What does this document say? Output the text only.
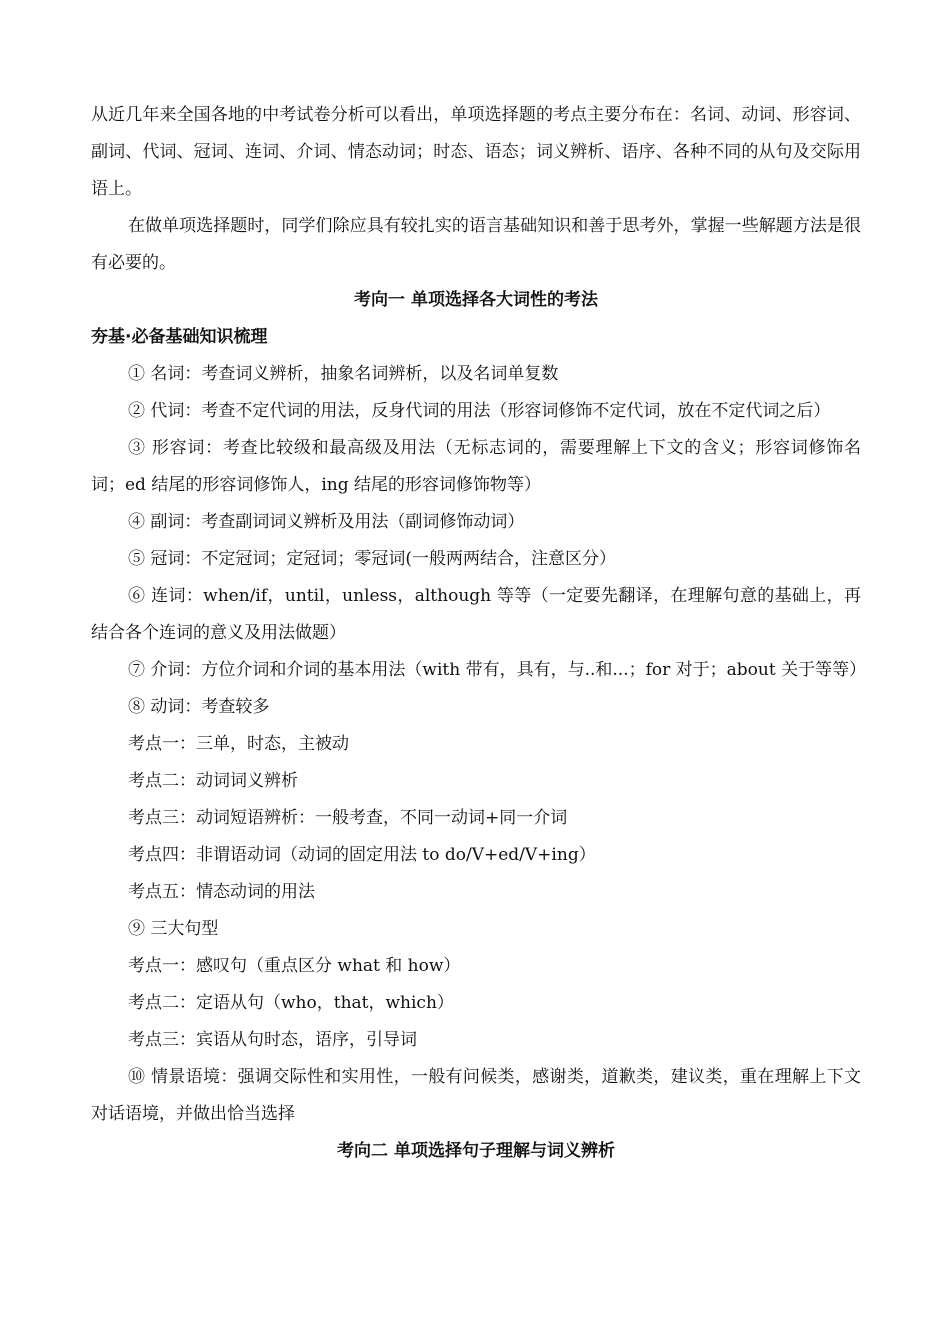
从近几年来全国各地的中考试卷分析可以看出，单项选择题的考点主要分布在：名词、动词、形容词、副词、代词、冠词、连词、介词、情态动词；时态、语态；词义辨析、语序、各种不同的从句及交际用语上。

在做单项选择题时，同学们除应具有较扎实的语言基础知识和善于思考外，掌握一些解题方法是很有必要的。

考向一 单项选择各大词性的考法

夯基·必备基础知识梳理

① 名词：考查词义辨析，抽象名词辨析，以及名词单复数

② 代词：考查不定代词的用法，反身代词的用法（形容词修饰不定代词，放在不定代词之后）

③ 形容词：考查比较级和最高级及用法（无标志词的，需要理解上下文的含义；形容词修饰名词；ed 结尾的形容词修饰人，ing 结尾的形容词修饰物等）

④ 副词：考查副词词义辨析及用法（副词修饰动词）

⑤ 冠词：不定冠词；定冠词；零冠词(一般两两结合，注意区分）

⑥ 连词：when/if，until，unless，although 等等（一定要先翻译，在理解句意的基础上，再结合各个连词的意义及用法做题）

⑦ 介词：方位介词和介词的基本用法（with 带有，具有，与..和...；for 对于；about 关于等等）

⑧ 动词：考查较多

考点一：三单，时态，主被动

考点二：动词词义辨析

考点三：动词短语辨析：一般考查，不同一动词+同一介词

考点四：非谓语动词（动词的固定用法 to do/V+ed/V+ing）

考点五：情态动词的用法

⑨ 三大句型

考点一：感叹句（重点区分 what 和 how）

考点二：定语从句（who，that，which）

考点三：宾语从句时态，语序，引导词

⑩ 情景语境：强调交际性和实用性，一般有问候类，感谢类，道歉类，建议类，重在理解上下文对话语境，并做出恰当选择

考向二 单项选择句子理解与词义辨析
